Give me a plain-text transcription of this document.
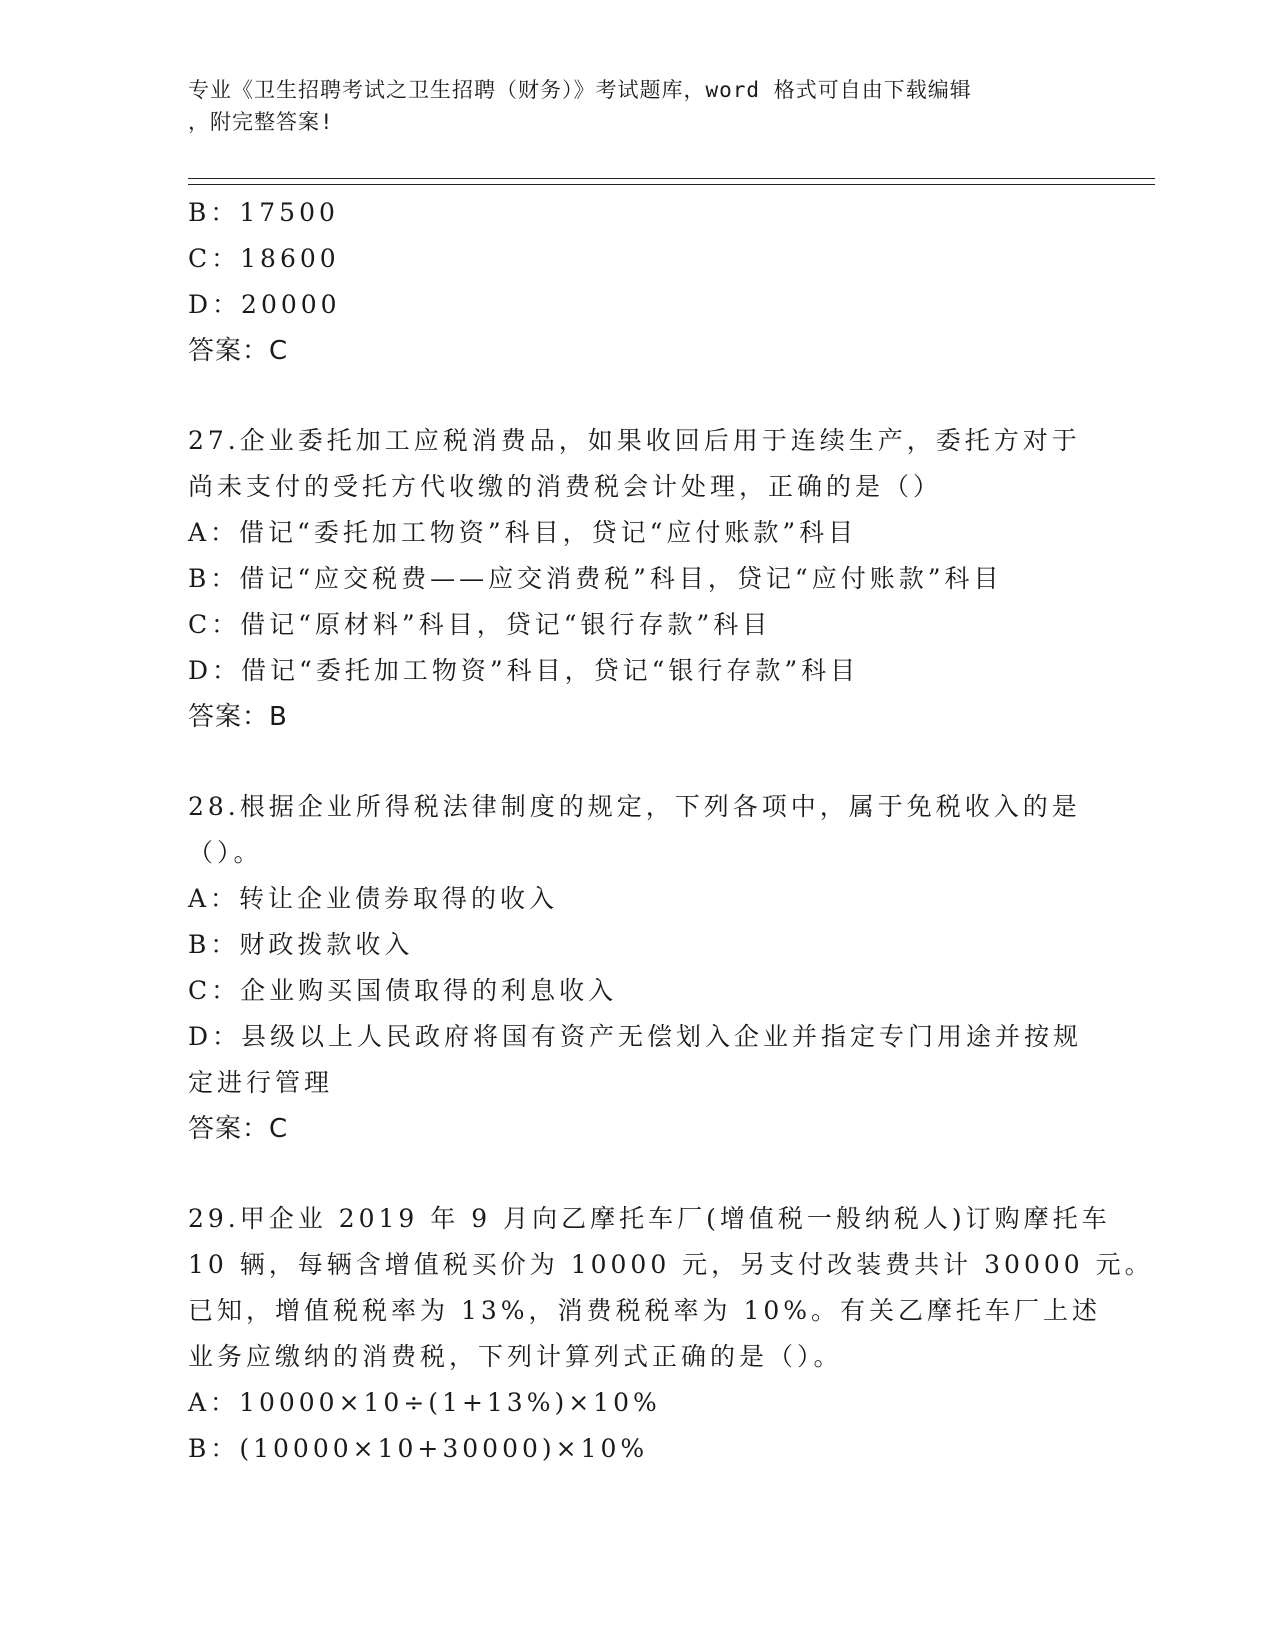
专业《卫生招聘考试之卫生招聘（财务）》考试题库，word 格式可自由下载编辑
，附完整答案!
B：17500
C：18600
D：20000
答案：C
27.企业委托加工应税消费品，如果收回后用于连续生产，委托方对于
尚未支付的受托方代收缴的消费税会计处理，正确的是（）
A：借记“委托加工物资”科目，贷记“应付账款”科目
B：借记“应交税费——应交消费税”科目，贷记“应付账款”科目
C：借记“原材料”科目，贷记“银行存款”科目
D：借记“委托加工物资”科目，贷记“银行存款”科目
答案：B
28.根据企业所得税法律制度的规定，下列各项中，属于免税收入的是
（）。
A：转让企业债券取得的收入
B：财政拨款收入
C：企业购买国债取得的利息收入
D：县级以上人民政府将国有资产无偿划入企业并指定专门用途并按规
定进行管理
答案：C
29.甲企业 2019 年 9 月向乙摩托车厂(增值税一般纳税人)订购摩托车
10 辆，每辆含增值税买价为 10000 元，另支付改装费共计 30000 元。
已知，增值税税率为 13%，消费税税率为 10%。有关乙摩托车厂上述
业务应缴纳的消费税，下列计算列式正确的是（）。
A：10000×10÷(1+13%)×10%
B：(10000×10+30000)×10%
